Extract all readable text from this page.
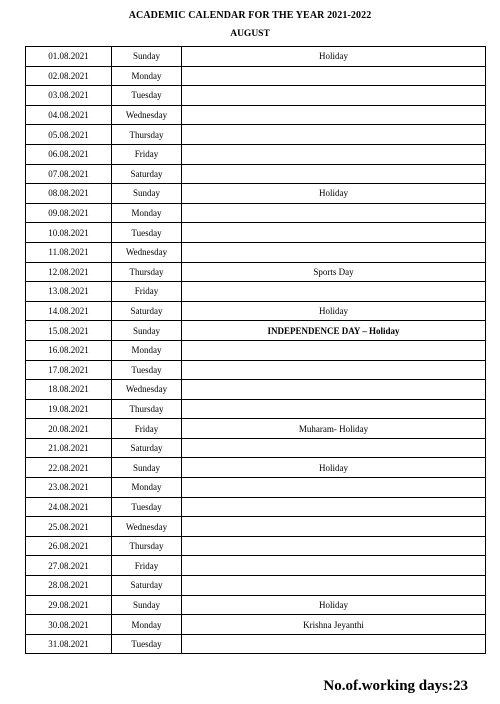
ACADEMIC CALENDAR FOR THE YEAR 2021-2022
AUGUST
01.08.2021	Sunday	Holiday
02.08.2021	Monday	
03.08.2021	Tuesday	
04.08.2021	Wednesday	
05.08.2021	Thursday	
06.08.2021	Friday	
07.08.2021	Saturday	
08.08.2021	Sunday	Holiday
09.08.2021	Monday	
10.08.2021	Tuesday	
11.08.2021	Wednesday	
12.08.2021	Thursday	Sports Day
13.08.2021	Friday	
14.08.2021	Saturday	Holiday
15.08.2021	Sunday	INDEPENDENCE DAY – Holiday
16.08.2021	Monday	
17.08.2021	Tuesday	
18.08.2021	Wednesday	
19.08.2021	Thursday	
20.08.2021	Friday	Muharam- Holiday
21.08.2021	Saturday	
22.08.2021	Sunday	Holiday
23.08.2021	Monday	
24.08.2021	Tuesday	
25.08.2021	Wednesday	
26.08.2021	Thursday	
27.08.2021	Friday	
28.08.2021	Saturday	
29.08.2021	Sunday	Holiday
30.08.2021	Monday	Krishna Jeyanthi
31.08.2021	Tuesday	
No.of.working days:23
